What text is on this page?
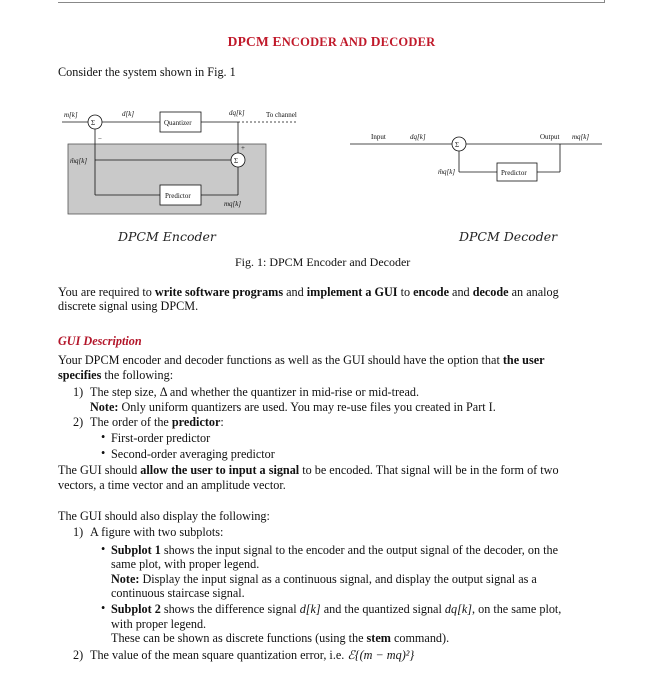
DPCM ENCODER AND DECODER
Consider the system shown in Fig. 1
Σ
m[k]	d[k]
Quantizer
dq[k]	To channel
Σ
+
mq[k]
Predictor
−
m̂q[k]
Input	dq[k]
Σ
Output mq[k]
Predictor
m̂q[k]
DPCM Encoder	DPCM Decoder
Fig. 1: DPCM Encoder and Decoder
You are required to write software programs and implement a GUI to encode and decode an analog
discrete signal using DPCM.
GUI Description
Your DPCM encoder and decoder functions as well as the GUI should have the option that the user
specifies the following:
1) The step size, Δ and whether the quantizer in mid-rise or mid-tread.
Note: Only uniform quantizers are used. You may re-use files you created in Part I.
2) The order of the predictor:
• First-order predictor
• Second-order averaging predictor
The GUI should allow the user to input a signal to be encoded. That signal will be in the form of two
vectors, a time vector and an amplitude vector.
The GUI should also display the following:
1) A figure with two subplots:
• Subplot 1 shows the input signal to the encoder and the output signal of the decoder, on the
same plot, with proper legend.
Note: Display the input signal as a continuous signal, and display the output signal as a
continuous staircase signal.
• Subplot 2 shows the difference signal d[k] and the quantized signal dq[k], on the same plot,
with proper legend.
These can be shown as discrete functions (using the stem command).
2) The value of the mean square quantization error, i.e. ℰ{(m − mq)²}
